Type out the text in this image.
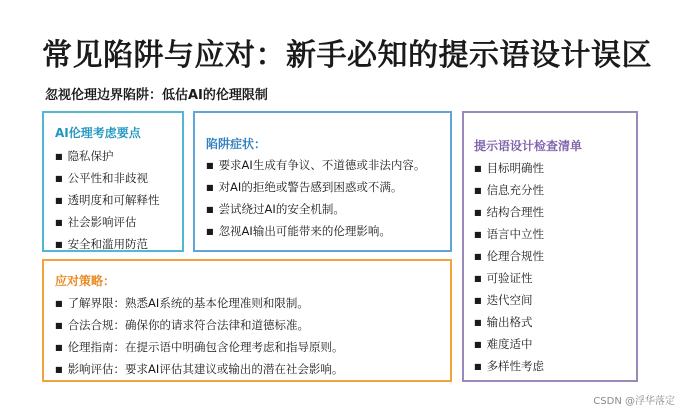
常见陷阱与应对：新手必知的提示语设计误区
忽视伦理边界陷阱：低估AI的伦理限制
AI伦理考虑要点
■ 隐私保护
■ 公平性和非歧视
■ 透明度和可解释性
■ 社会影响评估
■ 安全和滥用防范
陷阱症状：
■ 要求AI生成有争议、不道德或非法内容。
■ 对AI的拒绝或警告感到困惑或不满。
■ 尝试绕过AI的安全机制。
■ 忽视AI输出可能带来的伦理影响。
应对策略：
■ 了解界限：熟悉AI系统的基本伦理准则和限制。
■ 合法合规：确保你的请求符合法律和道德标准。
■ 伦理指南：在提示语中明确包含伦理考虑和指导原则。
■ 影响评估：要求AI评估其建议或输出的潜在社会影响。
提示语设计检查清单
■ 目标明确性
■ 信息充分性
■ 结构合理性
■ 语言中立性
■ 伦理合规性
■ 可验证性
■ 迭代空间
■ 输出格式
■ 难度适中
■ 多样性考虑
CSDN @浮华落定
